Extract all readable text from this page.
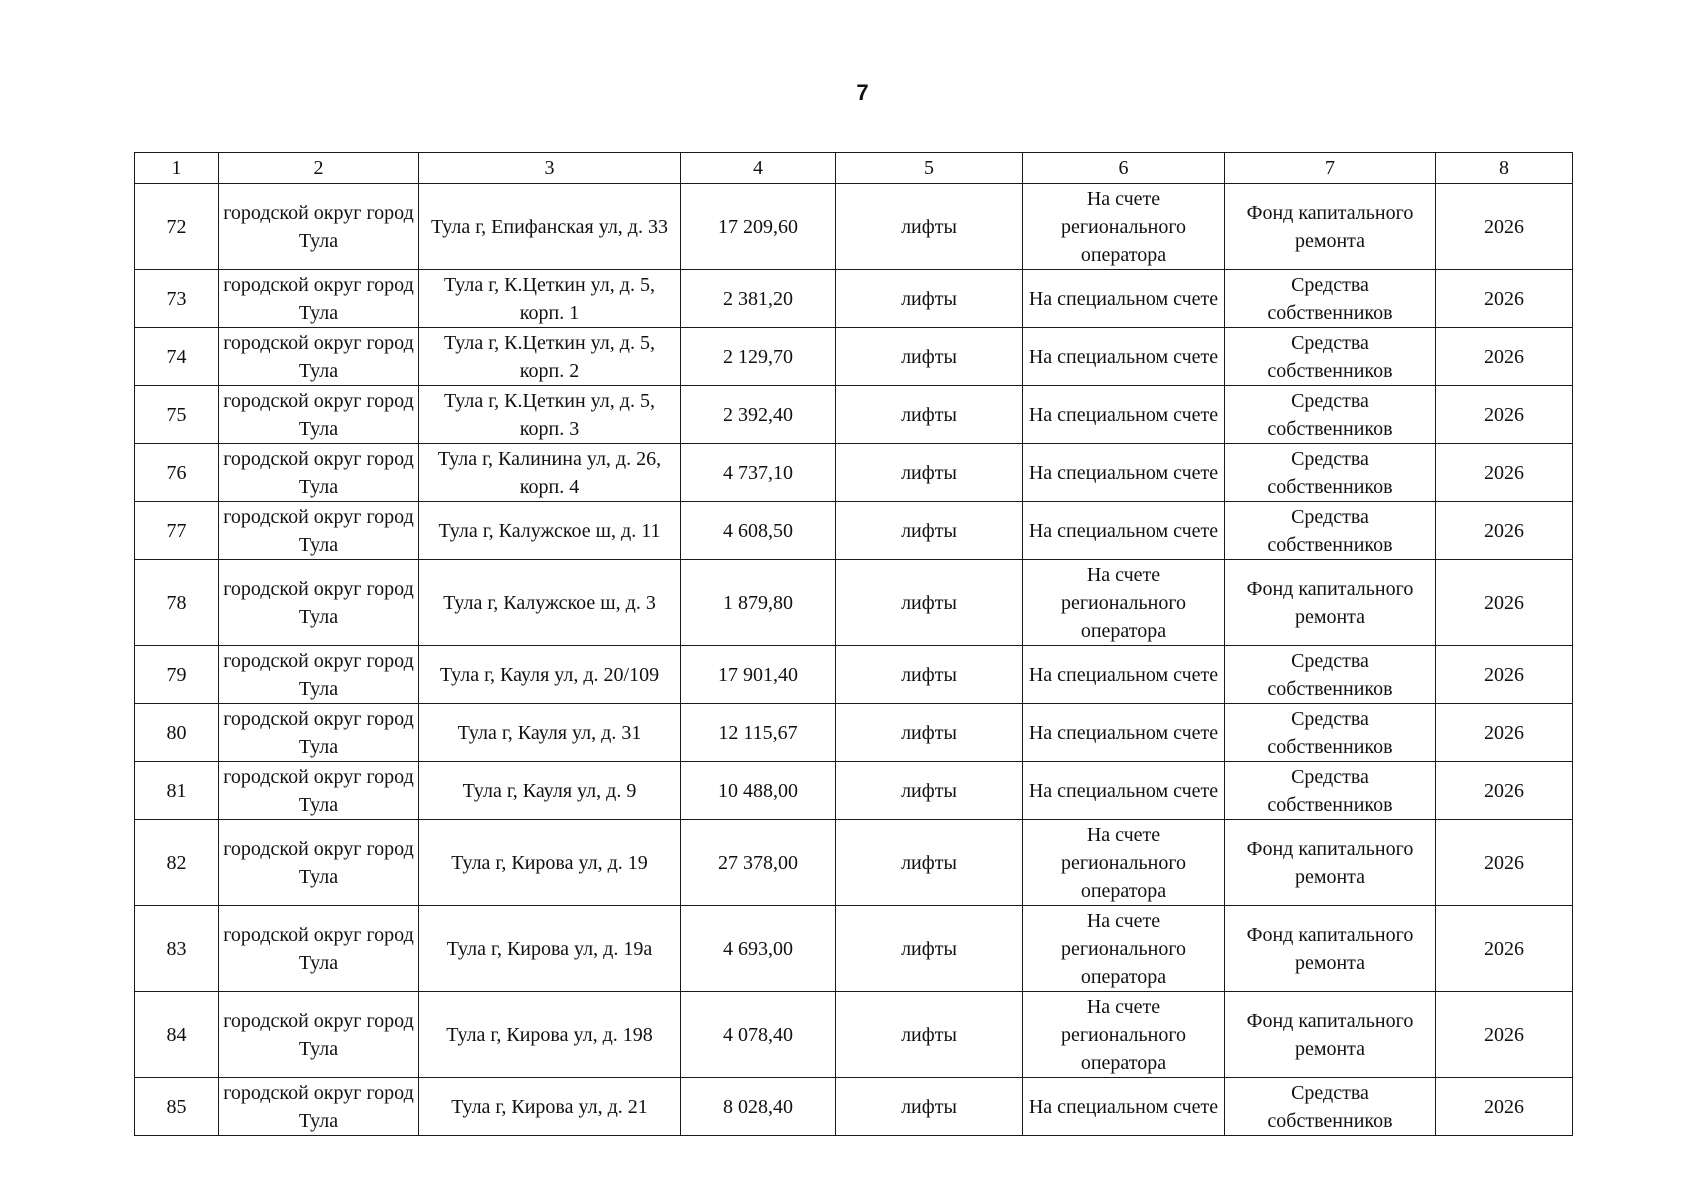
7
1	2	3	4	5	6	7	8
72	городской округ город Тула	Тула г, Епифанская ул, д. 33	17 209,60	лифты	На счете регионального оператора	Фонд капитального ремонта	2026
73	городской округ город Тула	Тула г, К.Цеткин ул, д. 5, корп. 1	2 381,20	лифты	На специальном счете	Средства собственников	2026
74	городской округ город Тула	Тула г, К.Цеткин ул, д. 5, корп. 2	2 129,70	лифты	На специальном счете	Средства собственников	2026
75	городской округ город Тула	Тула г, К.Цеткин ул, д. 5, корп. 3	2 392,40	лифты	На специальном счете	Средства собственников	2026
76	городской округ город Тула	Тула г, Калинина ул, д. 26, корп. 4	4 737,10	лифты	На специальном счете	Средства собственников	2026
77	городской округ город Тула	Тула г, Калужское ш, д. 11	4 608,50	лифты	На специальном счете	Средства собственников	2026
78	городской округ город Тула	Тула г, Калужское ш, д. 3	1 879,80	лифты	На счете регионального оператора	Фонд капитального ремонта	2026
79	городской округ город Тула	Тула г, Кауля ул, д. 20/109	17 901,40	лифты	На специальном счете	Средства собственников	2026
80	городской округ город Тула	Тула г, Кауля ул, д. 31	12 115,67	лифты	На специальном счете	Средства собственников	2026
81	городской округ город Тула	Тула г, Кауля ул, д. 9	10 488,00	лифты	На специальном счете	Средства собственников	2026
82	городской округ город Тула	Тула г, Кирова ул, д. 19	27 378,00	лифты	На счете регионального оператора	Фонд капитального ремонта	2026
83	городской округ город Тула	Тула г, Кирова ул, д. 19а	4 693,00	лифты	На счете регионального оператора	Фонд капитального ремонта	2026
84	городской округ город Тула	Тула г, Кирова ул, д. 198	4 078,40	лифты	На счете регионального оператора	Фонд капитального ремонта	2026
85	городской округ город Тула	Тула г, Кирова ул, д. 21	8 028,40	лифты	На специальном счете	Средства собственников	2026
